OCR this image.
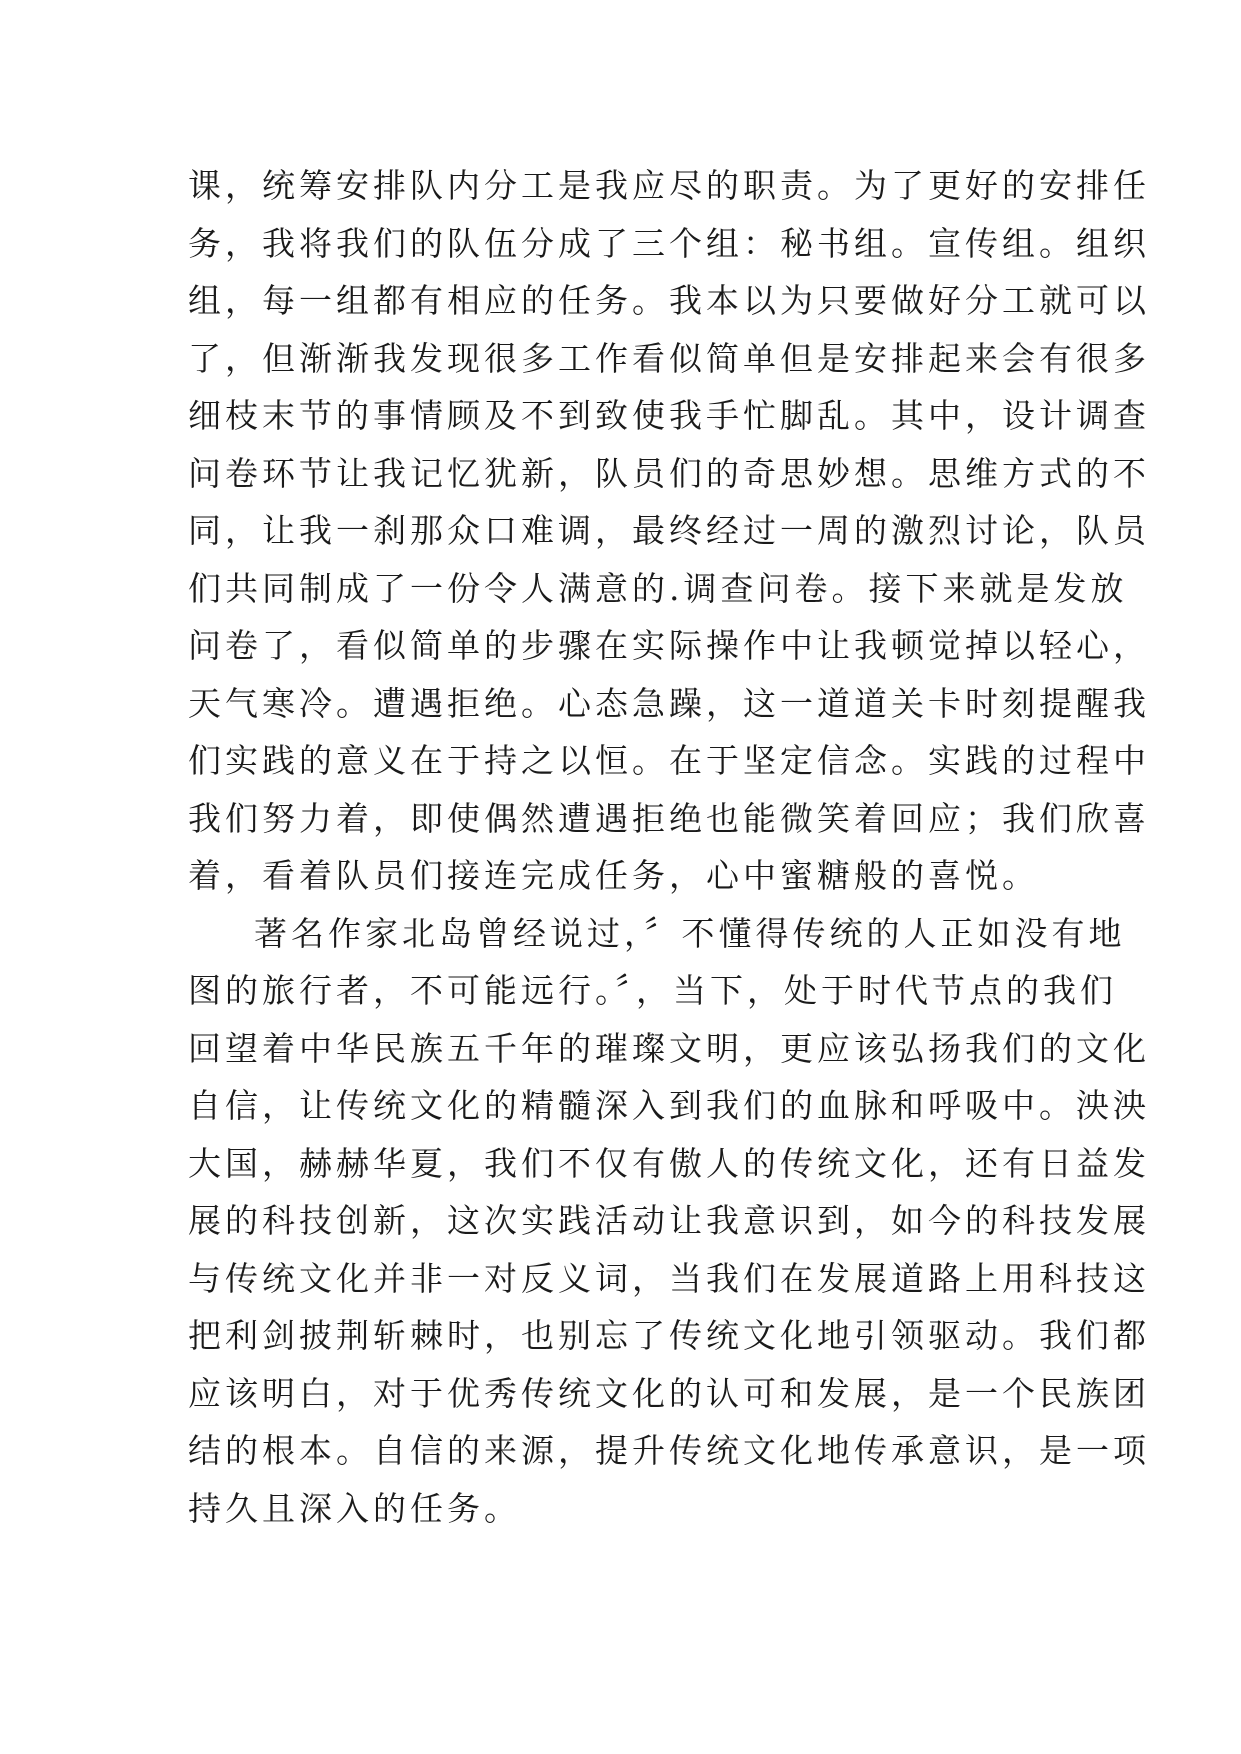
课，统筹安排队内分工是我应尽的职责。为了更好的安排任
务，我将我们的队伍分成了三个组：秘书组。宣传组。组织
组，每一组都有相应的任务。我本以为只要做好分工就可以
了，但渐渐我发现很多工作看似简单但是安排起来会有很多
细枝末节的事情顾及不到致使我手忙脚乱。其中，设计调查
问卷环节让我记忆犹新，队员们的奇思妙想。思维方式的不
同，让我一刹那众口难调，最终经过一周的激烈讨论，队员
们共同制成了一份令人满意的.调查问卷。接下来就是发放
问卷了，看似简单的步骤在实际操作中让我顿觉掉以轻心，
天气寒冷。遭遇拒绝。心态急躁，这一道道关卡时刻提醒我
们实践的意义在于持之以恒。在于坚定信念。实践的过程中
我们努力着，即使偶然遭遇拒绝也能微笑着回应；我们欣喜
着，看着队员们接连完成任务，心中蜜糖般的喜悦。
著名作家北岛曾经说过，〞不懂得传统的人正如没有地
图的旅行者，不可能远行。〞，当下，处于时代节点的我们
回望着中华民族五千年的璀璨文明，更应该弘扬我们的文化
自信，让传统文化的精髓深入到我们的血脉和呼吸中。泱泱
大国，赫赫华夏，我们不仅有傲人的传统文化，还有日益发
展的科技创新，这次实践活动让我意识到，如今的科技发展
与传统文化并非一对反义词，当我们在发展道路上用科技这
把利剑披荆斩棘时，也别忘了传统文化地引领驱动。我们都
应该明白，对于优秀传统文化的认可和发展，是一个民族团
结的根本。自信的来源，提升传统文化地传承意识，是一项
持久且深入的任务。
